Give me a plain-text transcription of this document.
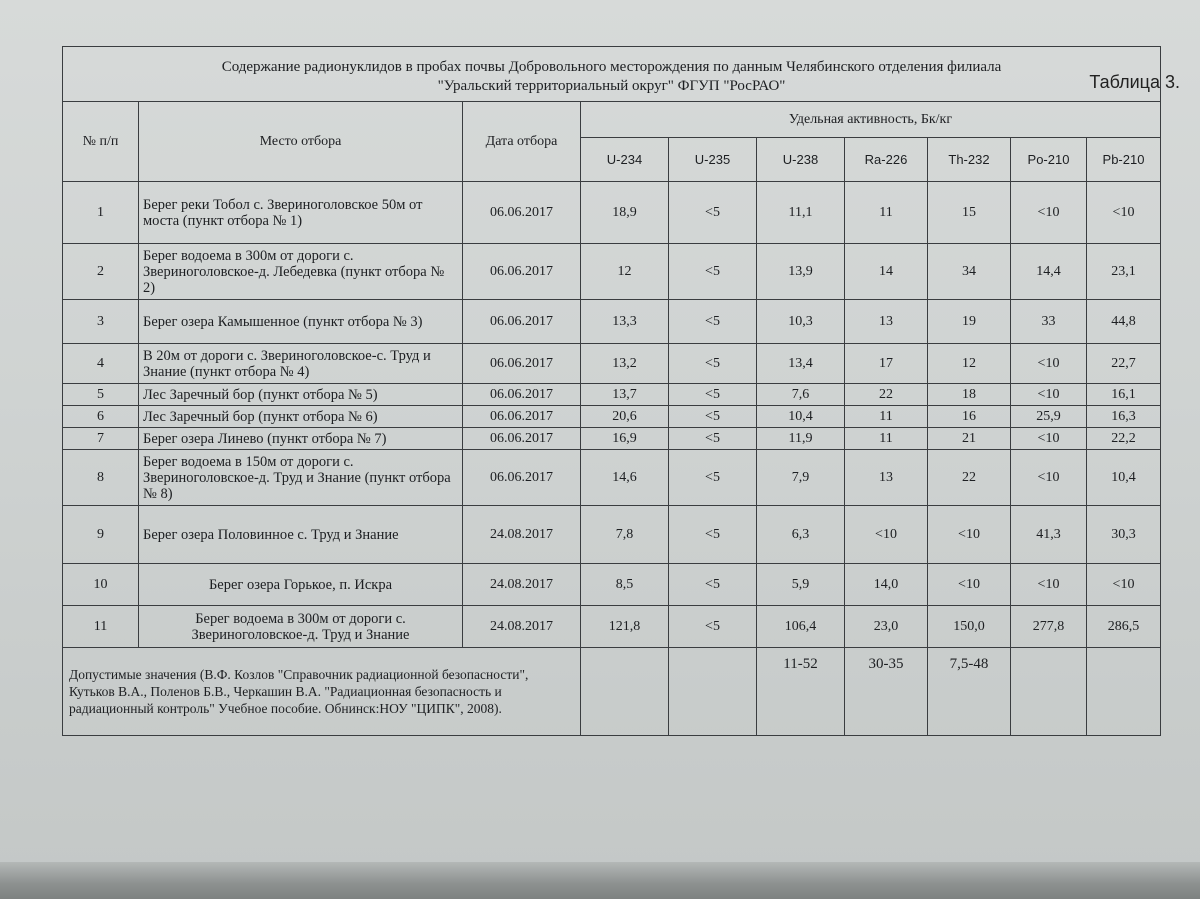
Таблица 3.
Содержание радионуклидов в пробах почвы Добровольного месторождения по данным Челябинского отделения филиала
"Уральский территориальный округ" ФГУП "РосРАО"									

№ п/п	Место отбора	Дата отбора	Удельная активность, Бк/кг						
			U-234	U-235	U-238	Ra-226	Th-232	Po-210	Pb-210
1	Берег реки Тобол с. Звериноголовское 50м от моста (пункт отбора № 1)	06.06.2017	18,9	<5	11,1	11	15	<10	<10
2	Берег водоема в 300м от дороги с. Звериноголовское-д. Лебедевка (пункт отбора № 2)	06.06.2017	12	<5	13,9	14	34	14,4	23,1
3	Берег озера Камышенное (пункт отбора № 3)	06.06.2017	13,3	<5	10,3	13	19	33	44,8
4	В 20м от дороги с. Звериноголовское-с. Труд и Знание (пункт отбора № 4)	06.06.2017	13,2	<5	13,4	17	12	<10	22,7
5	Лес Заречный бор (пункт отбора № 5)	06.06.2017	13,7	<5	7,6	22	18	<10	16,1
6	Лес Заречный бор (пункт отбора № 6)	06.06.2017	20,6	<5	10,4	11	16	25,9	16,3
7	Берег озера Линево (пункт отбора № 7)	06.06.2017	16,9	<5	11,9	11	21	<10	22,2
8	Берег водоема в 150м от дороги с. Звериноголовское-д. Труд и Знание (пункт отбора № 8)	06.06.2017	14,6	<5	7,9	13	22	<10	10,4
9	Берег озера Половинное с. Труд и Знание	24.08.2017	7,8	<5	6,3	<10	<10	41,3	30,3
10	Берег озера Горькое, п. Искра	24.08.2017	8,5	<5	5,9	14,0	<10	<10	<10
11	Берег водоема в 300м от дороги с. Звериноголовское-д. Труд и Знание	24.08.2017	121,8	<5	106,4	23,0	150,0	277,8	286,5
Допустимые значения (В.Ф. Козлов "Справочник радиационной безопасности", Кутьков В.А., Поленов Б.В., Черкашин В.А. "Радиационная безопасность и радиационный контроль" Учебное пособие. Обнинск:НОУ "ЦИПК", 2008).					11-52	30-35	7,5-48		
